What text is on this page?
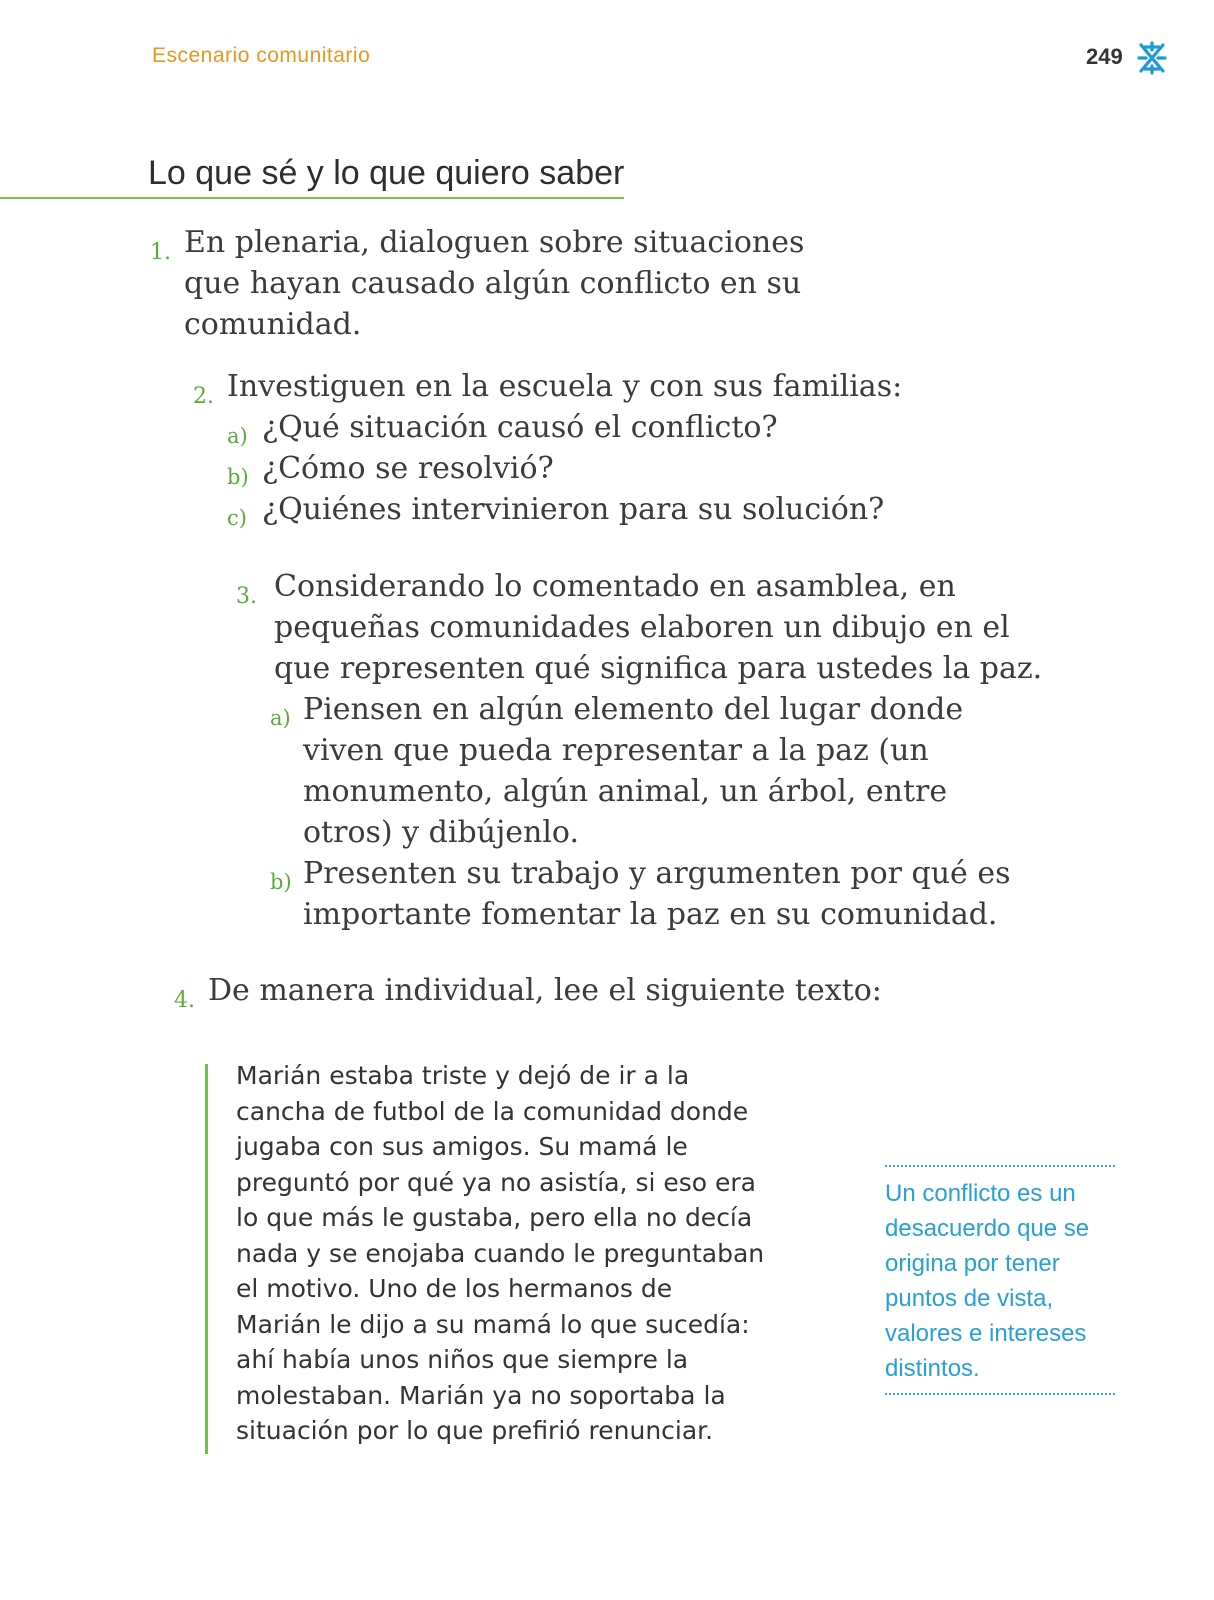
Escenario comunitario	249
Lo que sé y lo que quiero saber
1. En plenaria, dialoguen sobre situaciones
que hayan causado algún conflicto en su
comunidad.
2. Investiguen en la escuela y con sus familias:
a) ¿Qué situación causó el conflicto?
b) ¿Cómo se resolvió?
c) ¿Quiénes intervinieron para su solución?
3. Considerando lo comentado en asamblea, en
pequeñas comunidades elaboren un dibujo en el
que representen qué significa para ustedes la paz.
a) Piensen en algún elemento del lugar donde
viven que pueda representar a la paz (un
monumento, algún animal, un árbol, entre
otros) y dibújenlo.
b) Presenten su trabajo y argumenten por qué es
importante fomentar la paz en su comunidad.
4. De manera individual, lee el siguiente texto:

Marián estaba triste y dejó de ir a la

cancha de futbol de la comunidad donde

jugaba con sus amigos. Su mamá le

preguntó por qué ya no asistía, si eso era

lo que más le gustaba, pero ella no decía

nada y se enojaba cuando le preguntaban

el motivo. Uno de los hermanos de

Marián le dijo a su mamá lo que sucedía:

ahí había unos niños que siempre la

molestaban. Marián ya no soportaba la

situación por lo que prefirió renunciar.

Un conflicto es un

desacuerdo que se

origina por tener

puntos de vista,

valores e intereses

distintos.
